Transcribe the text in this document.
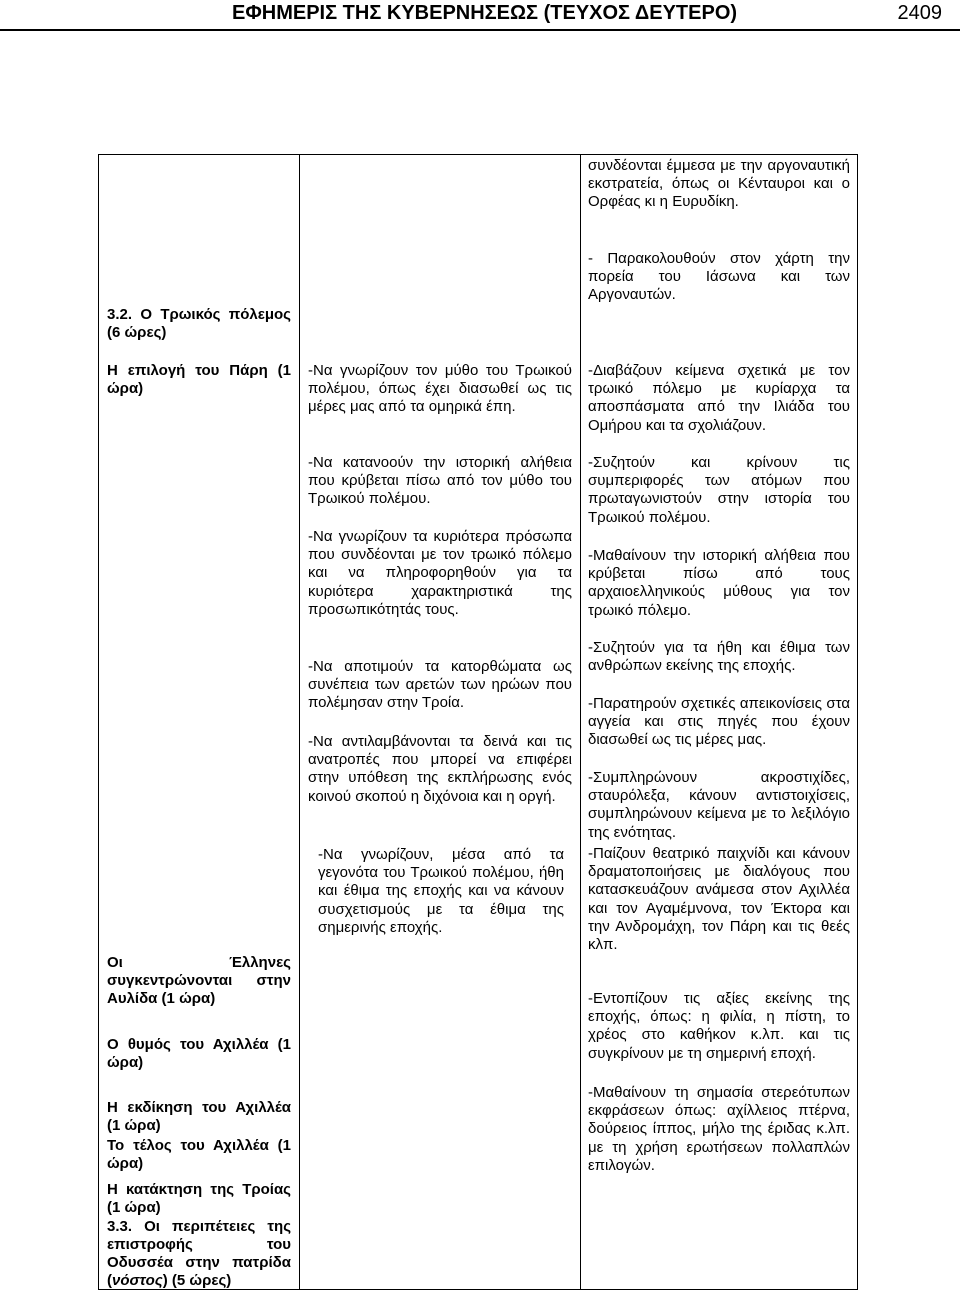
ΕΦΗΜΕΡΙΣ ΤΗΣ ΚΥΒΕΡΝΗΣΕΩΣ (ΤΕΥΧΟΣ ΔΕΥΤΕΡΟ)	2409

3.2. Ο Τρωικός πόλεμος (6 ώρες)

Η επιλογή του Πάρη (1 ώρα)

Οι Έλληνες συγκεντρώνονται στην Αυλίδα (1 ώρα)

Ο θυμός του Αχιλλέα (1 ώρα)

Η εκδίκηση του Αχιλλέα (1 ώρα)

Το τέλος του Αχιλλέα (1 ώρα)

Η κατάκτηση της Τροίας (1 ώρα)

3.3. Οι περιπέτειες της επιστροφής του Οδυσσέα στην πατρίδα (νόστος) (5 ώρες)

-Να γνωρίζουν τον μύθο του Τρωικού πολέμου, όπως έχει διασωθεί ως τις μέρες μας από τα ομηρικά έπη.

-Να κατανοούν την ιστορική αλήθεια που κρύβεται πίσω από τον μύθο του Τρωικού πολέμου.

-Να γνωρίζουν τα κυριότερα πρόσωπα που συνδέονται με τον τρωικό πόλεμο και να πληροφορηθούν για τα κυριότερα χαρακτηριστικά της προσωπικότητάς τους.

-Να αποτιμούν τα κατορθώματα ως συνέπεια των αρετών των ηρώων που πολέμησαν στην Τροία.

-Να αντιλαμβάνονται τα δεινά και τις ανατροπές που μπορεί να επιφέρει στην υπόθεση της εκπλήρωσης ενός κοινού σκοπού η διχόνοια και η οργή.

-Να γνωρίζουν, μέσα από τα γεγονότα του Τρωικού πολέμου, ήθη και έθιμα της εποχής και να κάνουν συσχετισμούς με τα έθιμα της σημερινής εποχής.

συνδέονται έμμεσα με την αργοναυτική εκστρατεία, όπως οι Κένταυροι και ο Ορφέας κι η Ευρυδίκη.

- Παρακολουθούν στον χάρτη την πορεία του Ιάσωνα και των Αργοναυτών.

-Διαβάζουν κείμενα σχετικά με τον τρωικό πόλεμο με κυρίαρχα τα αποσπάσματα από την Ιλιάδα του Ομήρου και τα σχολιάζουν.

-Συζητούν και κρίνουν τις συμπεριφορές των ατόμων που πρωταγωνιστούν στην ιστορία του Τρωικού πολέμου.

-Μαθαίνουν την ιστορική αλήθεια που κρύβεται πίσω από τους αρχαιοελληνικούς μύθους για τον τρωικό πόλεμο.

-Συζητούν για τα ήθη και έθιμα των ανθρώπων εκείνης της εποχής.

-Παρατηρούν σχετικές απεικονίσεις στα αγγεία και στις πηγές που έχουν διασωθεί ως τις μέρες μας.

-Συμπληρώνουν ακροστιχίδες, σταυρόλεξα, κάνουν αντιστοιχίσεις, συμπληρώνουν κείμενα με το λεξιλόγιο της ενότητας.

-Παίζουν θεατρικό παιχνίδι και κάνουν δραματοποιήσεις με διαλόγους που κατασκευάζουν ανάμεσα στον Αχιλλέα και τον Αγαμέμνονα, τον Έκτορα και την Ανδρομάχη, τον Πάρη και τις θεές κλπ.

-Εντοπίζουν τις αξίες εκείνης της εποχής, όπως: η φιλία, η πίστη, το χρέος στο καθήκον κ.λπ. και τις συγκρίνουν με τη σημερινή εποχή.

-Μαθαίνουν τη σημασία στερεότυπων εκφράσεων όπως: αχίλλειος πτέρνα, δούρειος ίππος, μήλο της έριδας κ.λπ. με τη χρήση ερωτήσεων πολλαπλών επιλογών.
